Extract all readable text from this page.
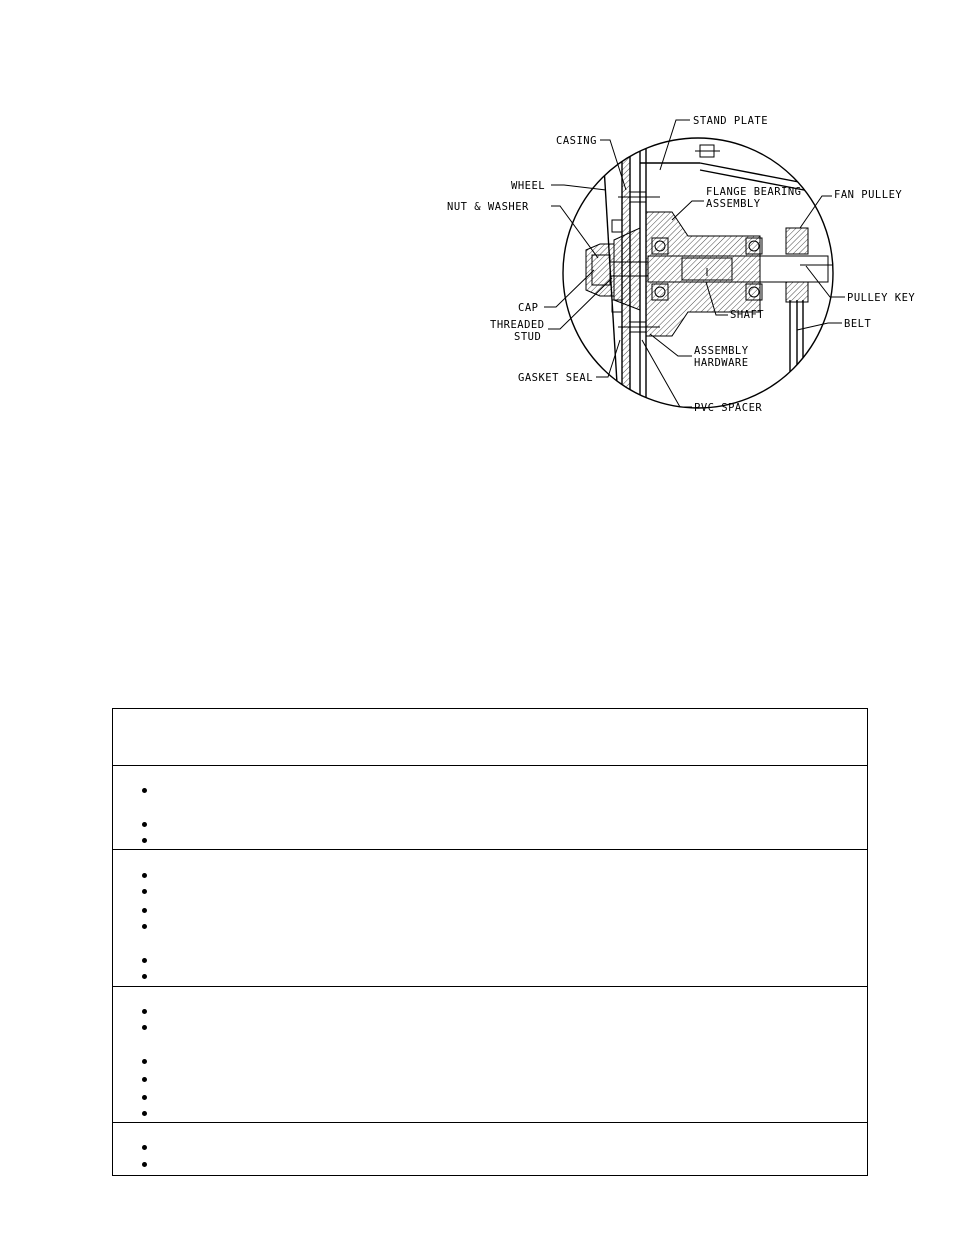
STAND PLATE
CASING
WHEEL
NUT & WASHER
FLANGE BEARING
ASSEMBLY
FAN PULLEY
CAP
THREADED
STUD
SHAFT
PULLEY KEY
BELT
ASSEMBLY
HARDWARE
GASKET SEAL
PVC SPACER
